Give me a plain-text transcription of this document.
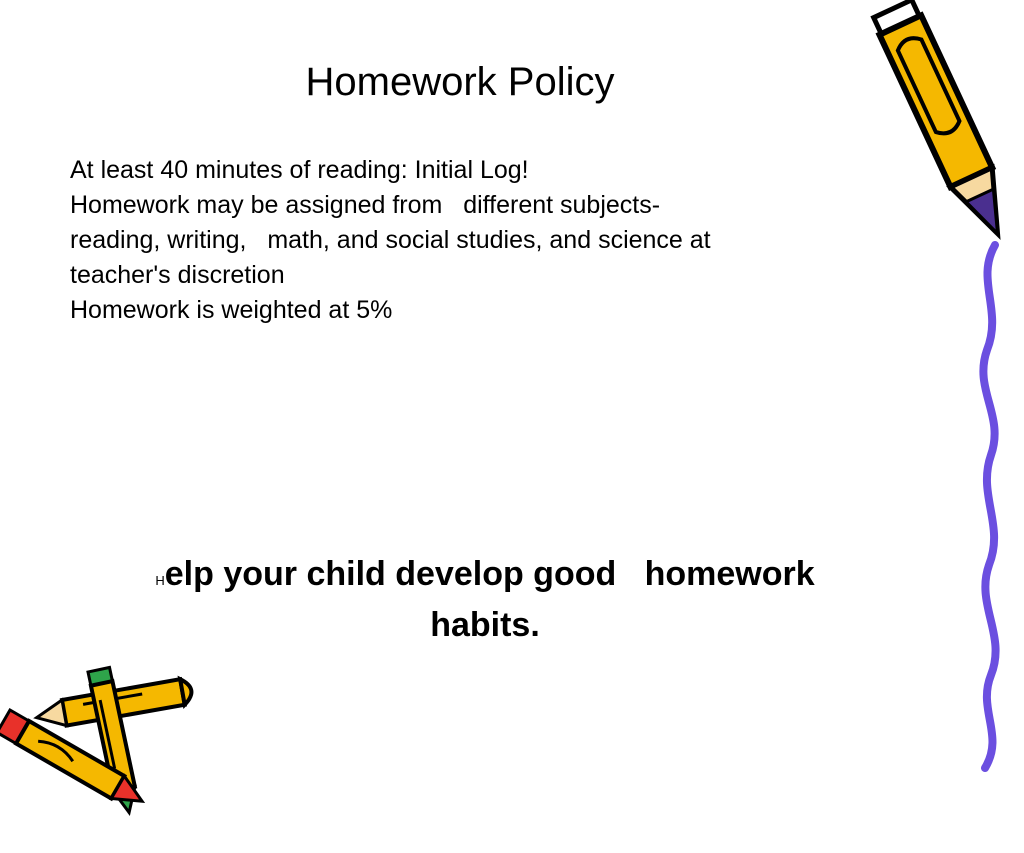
Homework Policy

At least 40 minutes of reading: Initial Log!

Homework may be assigned from   different subjects-

reading, writing,   math, and social studies, and science at

teacher's discretion

Homework is weighted at 5%

Help your child develop good   homework
habits.
